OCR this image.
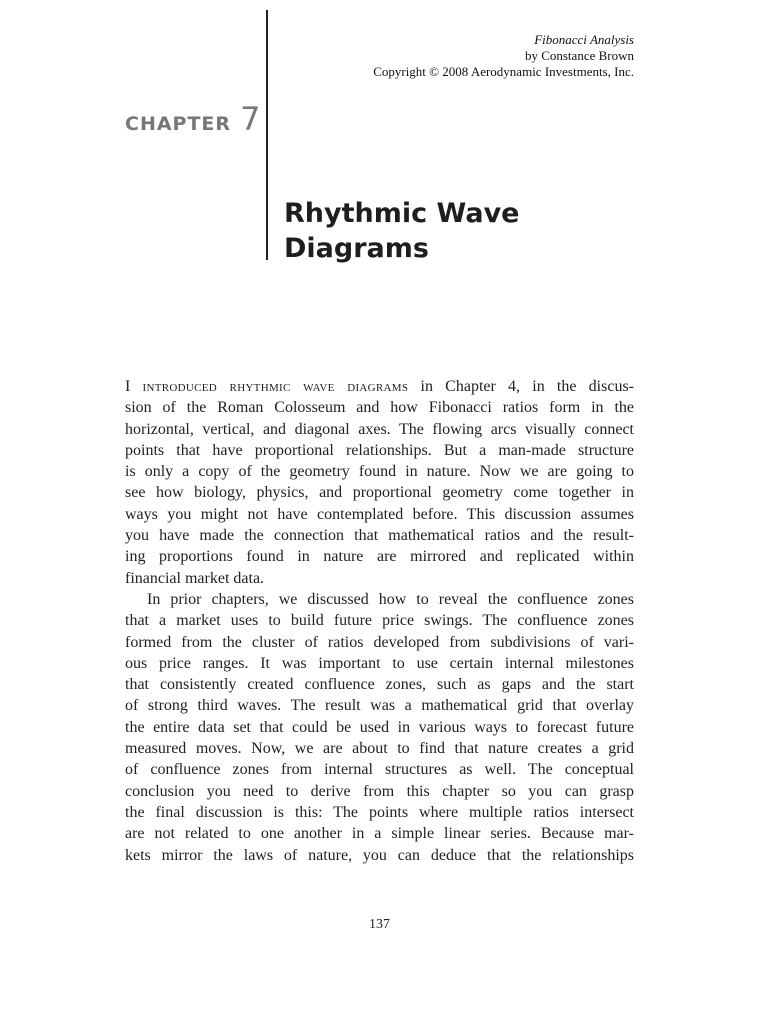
Fibonacci Analysis
by Constance Brown
Copyright © 2008 Aerodynamic Investments, Inc.
CHAPTER 7
Rhythmic Wave
Diagrams
I introduced rhythmic wave diagrams in Chapter 4, in the discus-
sion of the Roman Colosseum and how Fibonacci ratios form in the
horizontal, vertical, and diagonal axes. The flowing arcs visually connect
points that have proportional relationships. But a man-made structure
is only a copy of the geometry found in nature. Now we are going to
see how biology, physics, and proportional geometry come together in
ways you might not have contemplated before. This discussion assumes
you have made the connection that mathematical ratios and the result-
ing proportions found in nature are mirrored and replicated within
financial market data.
In prior chapters, we discussed how to reveal the confluence zones
that a market uses to build future price swings. The confluence zones
formed from the cluster of ratios developed from subdivisions of vari-
ous price ranges. It was important to use certain internal milestones
that consistently created confluence zones, such as gaps and the start
of strong third waves. The result was a mathematical grid that overlay
the entire data set that could be used in various ways to forecast future
measured moves. Now, we are about to find that nature creates a grid
of confluence zones from internal structures as well. The conceptual
conclusion you need to derive from this chapter so you can grasp
the final discussion is this: The points where multiple ratios intersect
are not related to one another in a simple linear series. Because mar-
kets mirror the laws of nature, you can deduce that the relationships
137
